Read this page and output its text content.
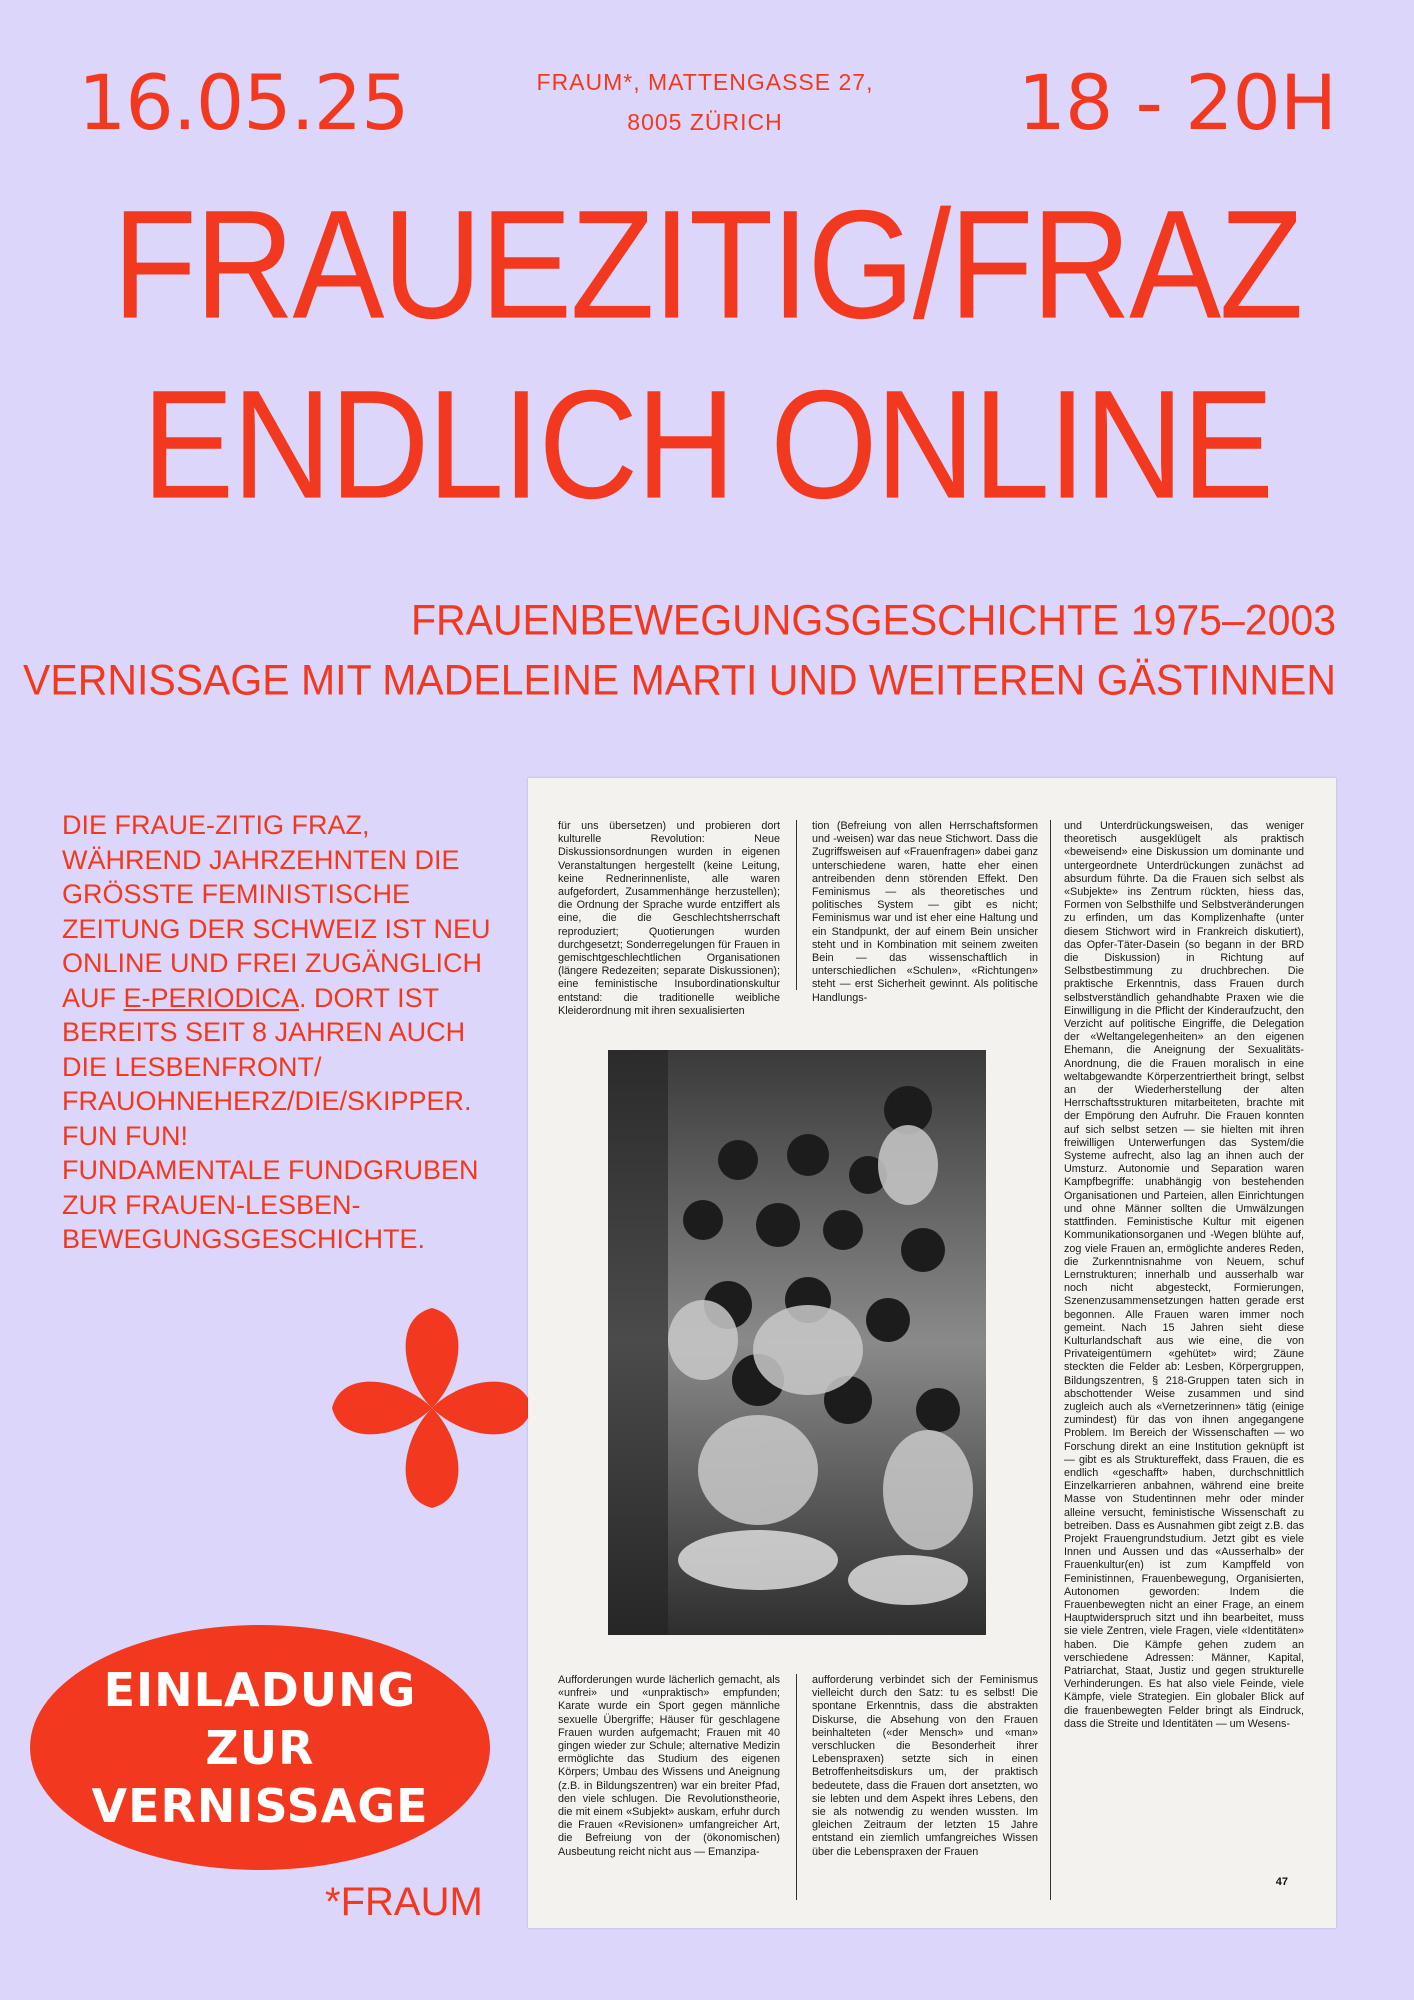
16.05.25	FRAUM*, MATTENGASSE 27,
8005 ZÜRICH	18 - 20H
FRAUEZITIG/FRAZ
ENDLICH ONLINE
FRAUENBEWEGUNGSGESCHICHTE 1975–2003
VERNISSAGE MIT MADELEINE MARTI UND WEITEREN GÄSTINNEN
DIE FRAUE-ZITIG FRAZ, WÄHREND JAHRZEHNTEN DIE GRÖSSTE FEMINISTISCHE ZEITUNG DER SCHWEIZ IST NEU ONLINE UND FREI ZUGÄNGLICH AUF E-PERIODICA. DORT IST BEREITS SEIT 8 JAHREN AUCH DIE LESBENFRONT/ FRAUOHNEHERZ/DIE/SKIPPER. FUN FUN!
FUNDAMENTALE FUNDGRUBEN ZUR FRAUEN-LESBEN-BEWEGUNGSGESCHICHTE.
EINLADUNG
ZUR
VERNISSAGE
*FRAUM
für uns übersetzen) und probieren dort kulturelle Revolution: Neue Diskussionsordnungen wurden in eigenen Veranstaltungen hergestellt (keine Leitung, keine Rednerinnenliste, alle waren aufgefordert, Zusammenhänge herzustellen); die Ordnung der Sprache wurde entziffert als eine, die die Geschlechtsherrschaft reproduziert; Quotierungen wurden durchgesetzt; Sonderregelungen für Frauen in gemischtgeschlechtlichen Organisationen (längere Redezeiten; separate Diskussionen); eine feministische Insubordinationskultur entstand: die traditionelle weibliche Kleiderordnung mit ihren sexualisierten
tion (Befreiung von allen Herrschaftsformen und -weisen) war das neue Stichwort. Dass die Zugriffsweisen auf «Frauenfragen» dabei ganz unterschiedene waren, hatte eher einen antreibenden denn störenden Effekt. Den Feminismus — als theoretisches und politisches System — gibt es nicht; Feminismus war und ist eher eine Haltung und ein Standpunkt, der auf einem Bein unsicher steht und in Kombination mit seinem zweiten Bein — das wissenschaftlich in unterschiedlichen «Schulen», «Richtungen» steht — erst Sicherheit gewinnt. Als politische Handlungs-
und Unterdrückungsweisen, das weniger theoretisch ausgeklügelt als praktisch «beweisend» eine Diskussion um dominante und untergeordnete Unterdrückungen zunächst ad absurdum führte. Da die Frauen sich selbst als «Subjekte» ins Zentrum rückten, hiess das, Formen von Selbsthilfe und Selbstveränderungen zu erfinden, um das Komplizenhafte (unter diesem Stichwort wird in Frankreich diskutiert), das Opfer-Täter-Dasein (so begann in der BRD die Diskussion) in Richtung auf Selbstbestimmung zu druchbrechen. Die praktische Erkenntnis, dass Frauen durch selbstverständlich gehandhabte Praxen wie die Einwilligung in die Pflicht der Kinderaufzucht, den Verzicht auf politische Eingriffe, die Delegation der «Weltangelegenheiten» an den eigenen Ehemann, die Aneignung der Sexualitäts-Anordnung, die die Frauen moralisch in eine weltabgewandte Körperzentriertheit bringt, selbst an der Wiederherstellung der alten Herrschaftsstrukturen mitarbeiteten, brachte mit der Empörung den Aufruhr. Die Frauen konnten auf sich selbst setzen — sie hielten mit ihren freiwilligen Unterwerfungen das System/die Systeme aufrecht, also lag an ihnen auch der Umsturz. Autonomie und Separation waren Kampfbegriffe: unabhängig von bestehenden Organisationen und Parteien, allen Einrichtungen und ohne Männer sollten die Umwälzungen stattfinden. Feministische Kultur mit eigenen Kommunikationsorganen und -Wegen blühte auf, zog viele Frauen an, ermöglichte anderes Reden, die Zurkenntnisnahme von Neuem, schuf Lernstrukturen; innerhalb und ausserhalb war noch nicht abgesteckt, Formierungen, Szenenzusammensetzungen hatten gerade erst begonnen. Alle Frauen waren immer noch gemeint. Nach 15 Jahren sieht diese Kulturlandschaft aus wie eine, die von Privateigentümern «gehütet» wird; Zäune steckten die Felder ab: Lesben, Körpergruppen, Bildungszentren, § 218-Gruppen taten sich in abschottender Weise zusammen und sind zugleich auch als «Vernetzerinnen» tätig (einige zumindest) für das von ihnen angegangene Problem. Im Bereich der Wissenschaften — wo Forschung direkt an eine Institution geknüpft ist — gibt es als Struktureffekt, dass Frauen, die es endlich «geschafft» haben, durchschnittlich Einzelkarrieren anbahnen, während eine breite Masse von Studentinnen mehr oder minder alleine versucht, feministische Wissenschaft zu betreiben. Dass es Ausnahmen gibt zeigt z.B. das Projekt Frauengrundstudium. Jetzt gibt es viele Innen und Aussen und das «Ausserhalb» der Frauenkultur(en) ist zum Kampffeld von Feministinnen, Frauenbewegung, Organisierten, Autonomen geworden: Indem die Frauenbewegten nicht an einer Frage, an einem Hauptwiderspruch sitzt und ihn bearbeitet, muss sie viele Zentren, viele Fragen, viele «Identitäten» haben. Die Kämpfe gehen zudem an verschiedene Adressen: Männer, Kapital, Patriarchat, Staat, Justiz und gegen strukturelle Verhinderungen. Es hat also viele Feinde, viele Kämpfe, viele Strategien. Ein globaler Blick auf die frauenbewegten Felder bringt als Eindruck, dass die Streite und Identitäten — um Wesens-
Aufforderungen wurde lächerlich gemacht, als «unfrei» und «unpraktisch» empfunden; Karate wurde ein Sport gegen männliche sexuelle Übergriffe; Häuser für geschlagene Frauen wurden aufgemacht; Frauen mit 40 gingen wieder zur Schule; alternative Medizin ermöglichte das Studium des eigenen Körpers; Umbau des Wissens und Aneignung (z.B. in Bildungszentren) war ein breiter Pfad, den viele schlugen. Die Revolutionstheorie, die mit einem «Subjekt» auskam, erfuhr durch die Frauen «Revisionen» umfangreicher Art, die Befreiung von der (ökonomischen) Ausbeutung reicht nicht aus — Emanzipa-
aufforderung verbindet sich der Feminismus vielleicht durch den Satz: tu es selbst! Die spontane Erkenntnis, dass die abstrakten Diskurse, die Absehung von den Frauen beinhalteten («der Mensch» und «man» verschlucken die Besonderheit ihrer Lebenspraxen) setzte sich in einen Betroffenheitsdiskurs um, der praktisch bedeutete, dass die Frauen dort ansetzten, wo sie lebten und dem Aspekt ihres Lebens, den sie als notwendig zu wenden wussten. Im gleichen Zeitraum der letzten 15 Jahre entstand ein ziemlich umfangreiches Wissen über die Lebenspraxen der Frauen
47
